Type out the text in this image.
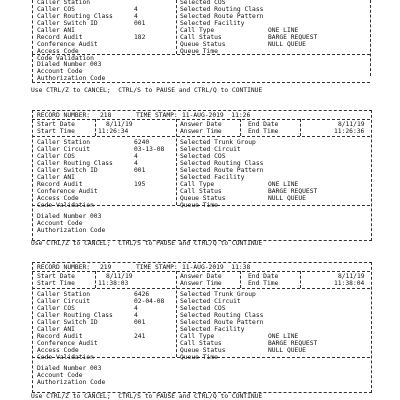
Caller Station
Caller COS
Caller Routing Class
Caller Switch ID
Caller ANI
Record Audit
Conference Audit
Access Code
Code Validation
4
4
001
182
Selected COS
Selected Routing Class
Selected Route Pattern
Selected Facility
Call Type
Call Status
Queue Status
Queue Time
ONE LINE
BARGE REQUEST
NULL QUEUE
Dialed Number 003
Account Code
Authorization Code
Use CTRL/Z to CANCEL;  CTRL/S to PAUSE and CTRL/Q to CONTINUE
RECORD NUMBER: 218	TIME STAMP: 11-AUG-2019  11:26
Start Date
Start Time
8/11/19
11:26:34
Answer Date
Answer Time
End Date
End Time
8/11/19
11:26:36
Caller Station
Caller Circuit
Caller COS
Caller Routing Class
Caller Switch ID
Caller ANI
Record Audit
Conference Audit
Access Code
Code Validation
6240
03-13-08
4
4
001
195
Selected Trunk Group
Selected Circuit
Selected COS
Selected Routing Class
Selected Route Pattern
Selected Facility
Call Type
Call Status
Queue Status
Queue Time
ONE LINE
BARGE REQUEST
NULL QUEUE
Dialed Number 003
Account Code
Authorization Code
Use CTRL/Z to CANCEL;  CTRL/S to PAUSE and CTRL/Q to CONTINUE
RECORD NUMBER: 219	TIME STAMP: 11-AUG-2019  11:38
Start Date
Start Time
8/11/19
11:38:03
Answer Date
Answer Time
End Date
End Time
8/11/19
11:38:04
Caller Station
Caller Circuit
Caller COS
Caller Routing Class
Caller Switch ID
Caller ANI
Record Audit
Conference Audit
Access Code
Code Validation
6426
02-04-08
4
4
001
241
Selected Trunk Group
Selected Circuit
Selected COS
Selected Routing Class
Selected Route Pattern
Selected Facility
Call Type
Call Status
Queue Status
Queue Time
ONE LINE
BARGE REQUEST
NULL QUEUE
Dialed Number 003
Account Code
Authorization Code
Use CTRL/Z to CANCEL;  CTRL/S to PAUSE and CTRL/Q to CONTINUE
